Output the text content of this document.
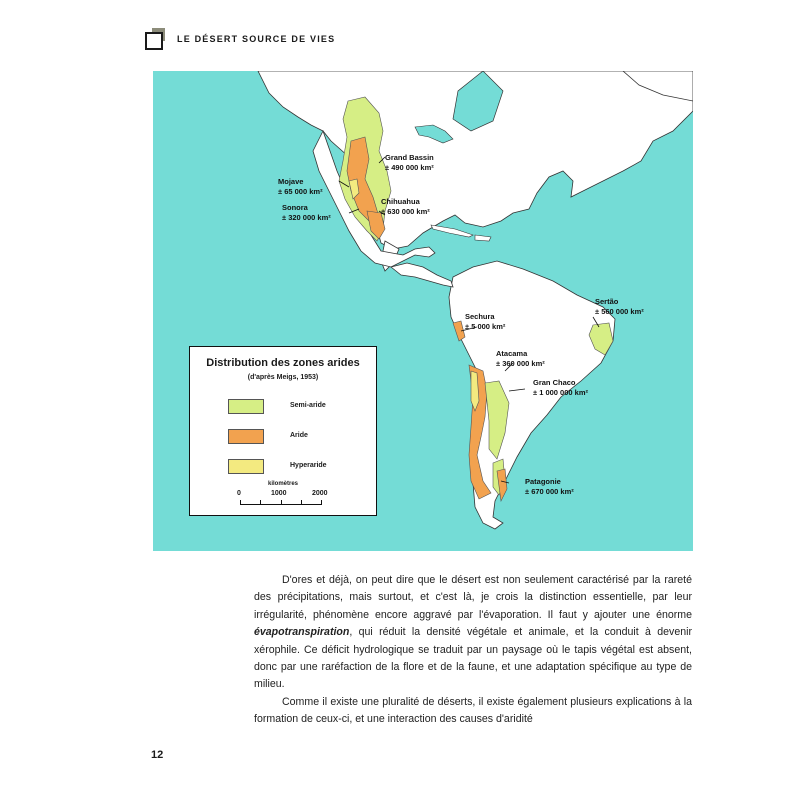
LE DÉSERT SOURCE DE VIES
Grand Bassin
± 490 000 km²
Mojave
± 65 000 km²
Sonora
± 320 000 km²
Chihuahua
± 630 000 km²
Sertão
± 560 000 km²
Sechura
± 5 000 km²
Atacama
± 360 000 km²
Gran Chaco
± 1 000 000 km²
Patagonie
± 670 000 km²
Distribution des zones arides
(d'après Meigs, 1953)
Semi-aride
Aride
Hyperaride
kilomètres
0	1000	2000

D'ores et déjà, on peut dire que le désert est non seulement caractérisé par la rareté des précipitations, mais surtout, et c'est là, je crois la distinction essentielle, par leur irrégularité, phénomène encore aggravé par l'évaporation. Il faut y ajouter une énorme évapotranspiration, qui réduit la densité végétale et animale, et la conduit à devenir xérophile. Ce déficit hydrologique se traduit par un paysage où le tapis végétal est absent, donc par une raréfaction de la flore et de la faune, et une adaptation spécifique au type de milieu.

Comme il existe une pluralité de déserts, il existe également plusieurs explications à la formation de ceux-ci, et une interaction des causes d'aridité

12
